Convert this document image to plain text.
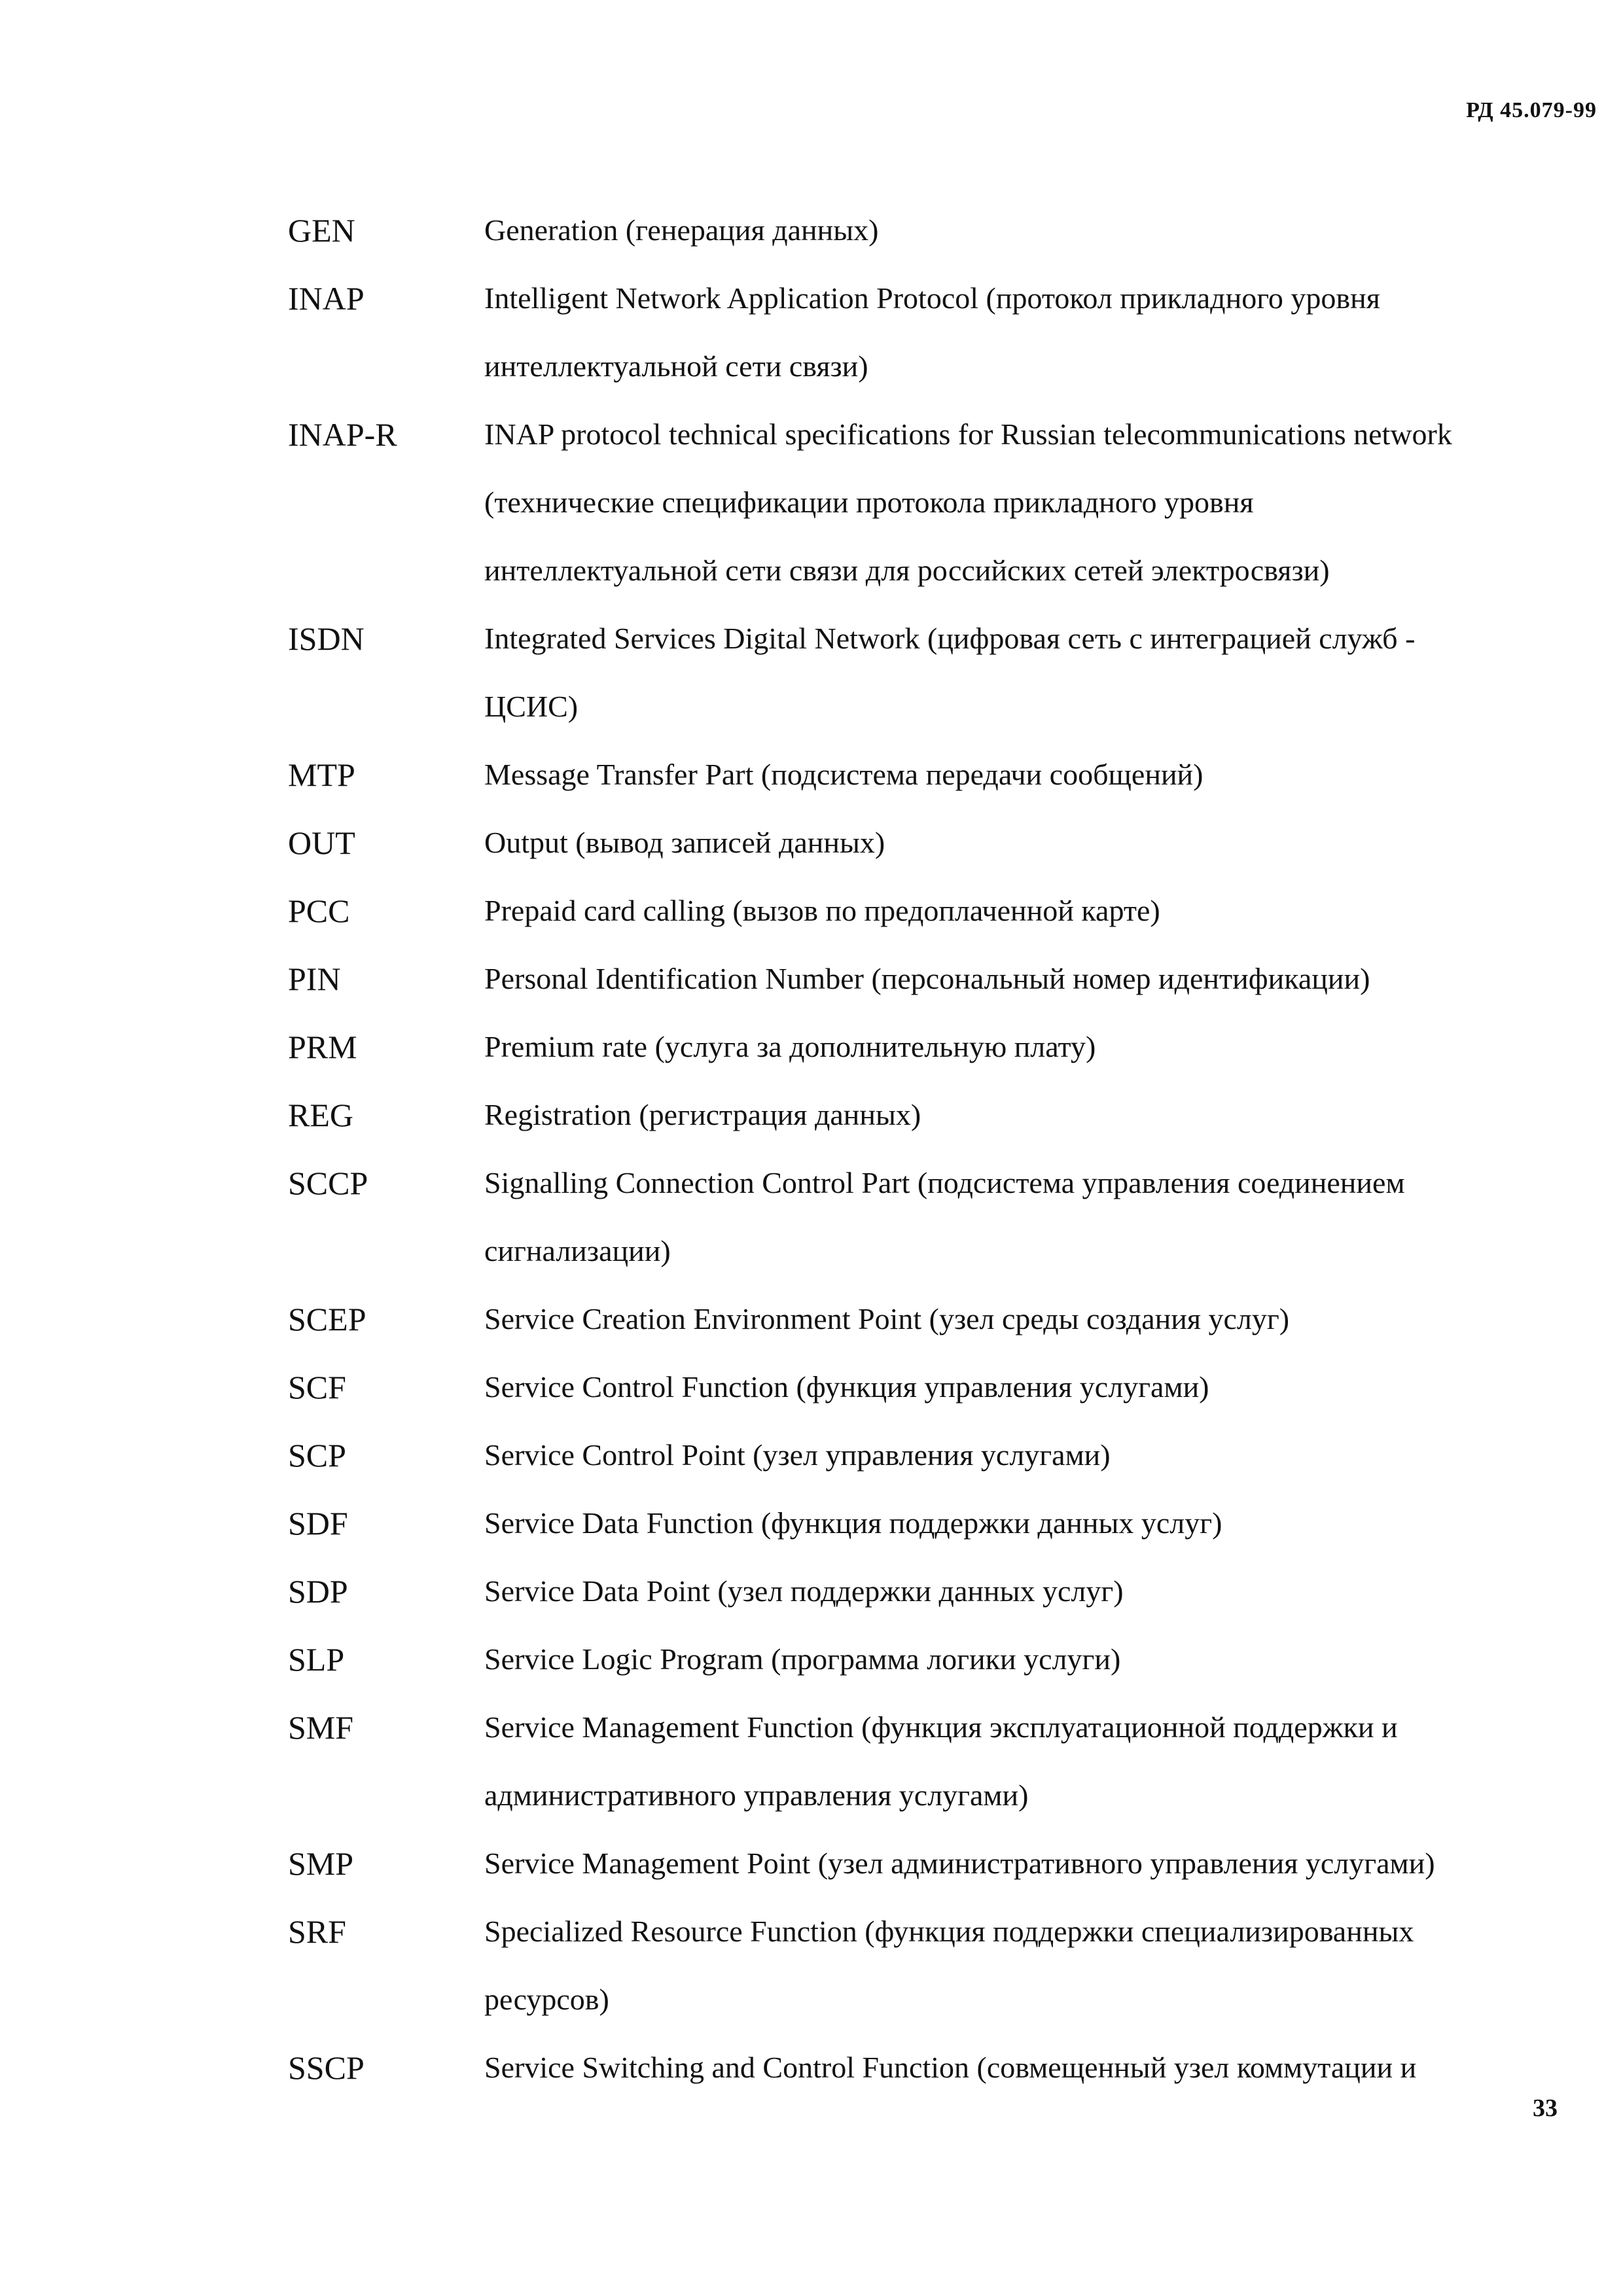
РД 45.079-99
GEN	Generation (генерация данных)
INAP	Intelligent Network Application Protocol (протокол прикладного уровня
интеллектуальной сети связи)
INAP-R	INAP protocol technical specifications for Russian telecommunications network
(технические спецификации протокола прикладного уровня
интеллектуальной сети связи для российских сетей электросвязи)
ISDN	Integrated Services Digital Network (цифровая сеть с интеграцией служб -
ЦСИС)
MTP	Message Transfer Part (подсистема передачи сообщений)
OUT	Output (вывод записей данных)
PCC	Prepaid card calling (вызов по предоплаченной карте)
PIN	Personal Identification Number (персональный номер идентификации)
PRM	Premium rate (услуга за дополнительную плату)
REG	Registration (регистрация данных)
SCCP	Signalling Connection Control Part (подсистема управления соединением
сигнализации)
SCEP	Service Creation Environment Point (узел среды создания услуг)
SCF	Service Control Function (функция управления услугами)
SCP	Service Control Point (узел управления услугами)
SDF	Service Data Function (функция поддержки данных услуг)
SDP	Service Data Point (узел поддержки данных услуг)
SLP	Service Logic Program (программа логики услуги)
SMF	Service Management Function (функция эксплуатационной поддержки и
административного управления услугами)
SMP	Service Management Point (узел административного управления услугами)
SRF	Specialized Resource Function (функция поддержки специализированных
ресурсов)
SSCP	Service Switching and Control Function (совмещенный узел коммутации и
33
